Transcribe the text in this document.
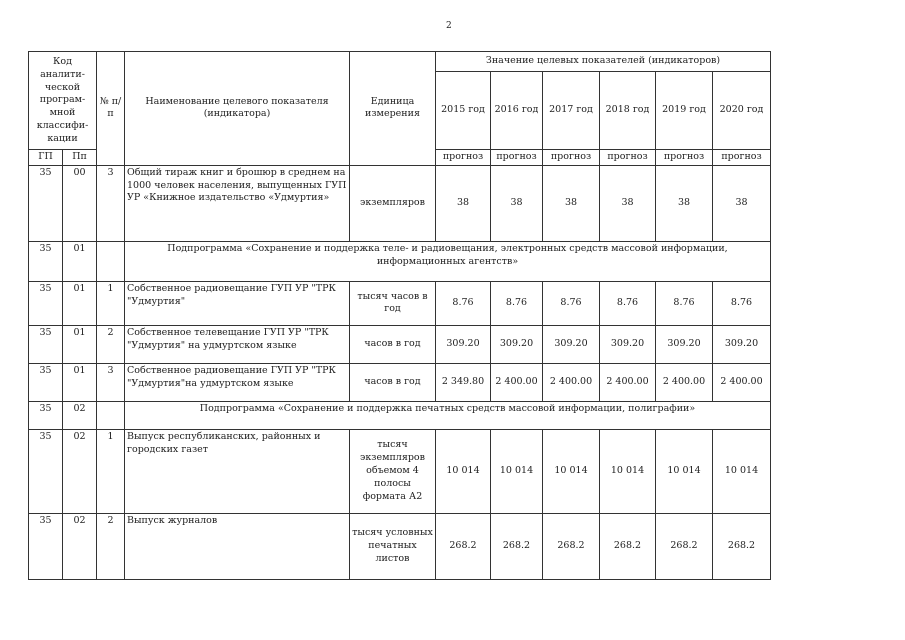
2
Код аналити-ческой програм-мной классифи-кации		№ п/п	Наименование целевого показателя (индикатора)	Единица измерения	Значение целевых показателей (индикаторов)					
					2015 год	2016 год	2017 год	2018 год	2019 год	2020 год
ГП	Пп				прогноз	прогноз	прогноз	прогноз	прогноз	прогноз
35	00	3	Общий тираж книг и брошюр в среднем на 1000 человек населения, выпущенных ГУП УР «Книжное издательство «Удмуртия»	экземпляров	38	38	38	38	38	38
35	01		Подпрограмма «Сохранение и поддержка теле- и радиовещания, электронных средств массовой информации, информационных агентств»							
35	01	1	Собственное радиовещание ГУП УР "ТРК "Удмуртия"	тысяч часов в год	8.76	8.76	8.76	8.76	8.76	8.76
35	01	2	Собственное телевещание ГУП УР "ТРК "Удмуртия" на удмуртском языке	часов в год	309.20	309.20	309.20	309.20	309.20	309.20
35	01	3	Собственное радиовещание ГУП УР "ТРК "Удмуртия"на удмуртском языке	часов в год	2 349.80	2 400.00	2 400.00	2 400.00	2 400.00	2 400.00
35	02		Подпрограмма «Сохранение и поддержка печатных средств массовой информации, полиграфии»							
35	02	1	Выпуск республиканских, районных и городских газет	тысяч экземпляров объемом 4 полосы формата А2	10 014	10 014	10 014	10 014	10 014	10 014
35	02	2	Выпуск журналов	тысяч условных печатных листов	268.2	268.2	268.2	268.2	268.2	268.2
